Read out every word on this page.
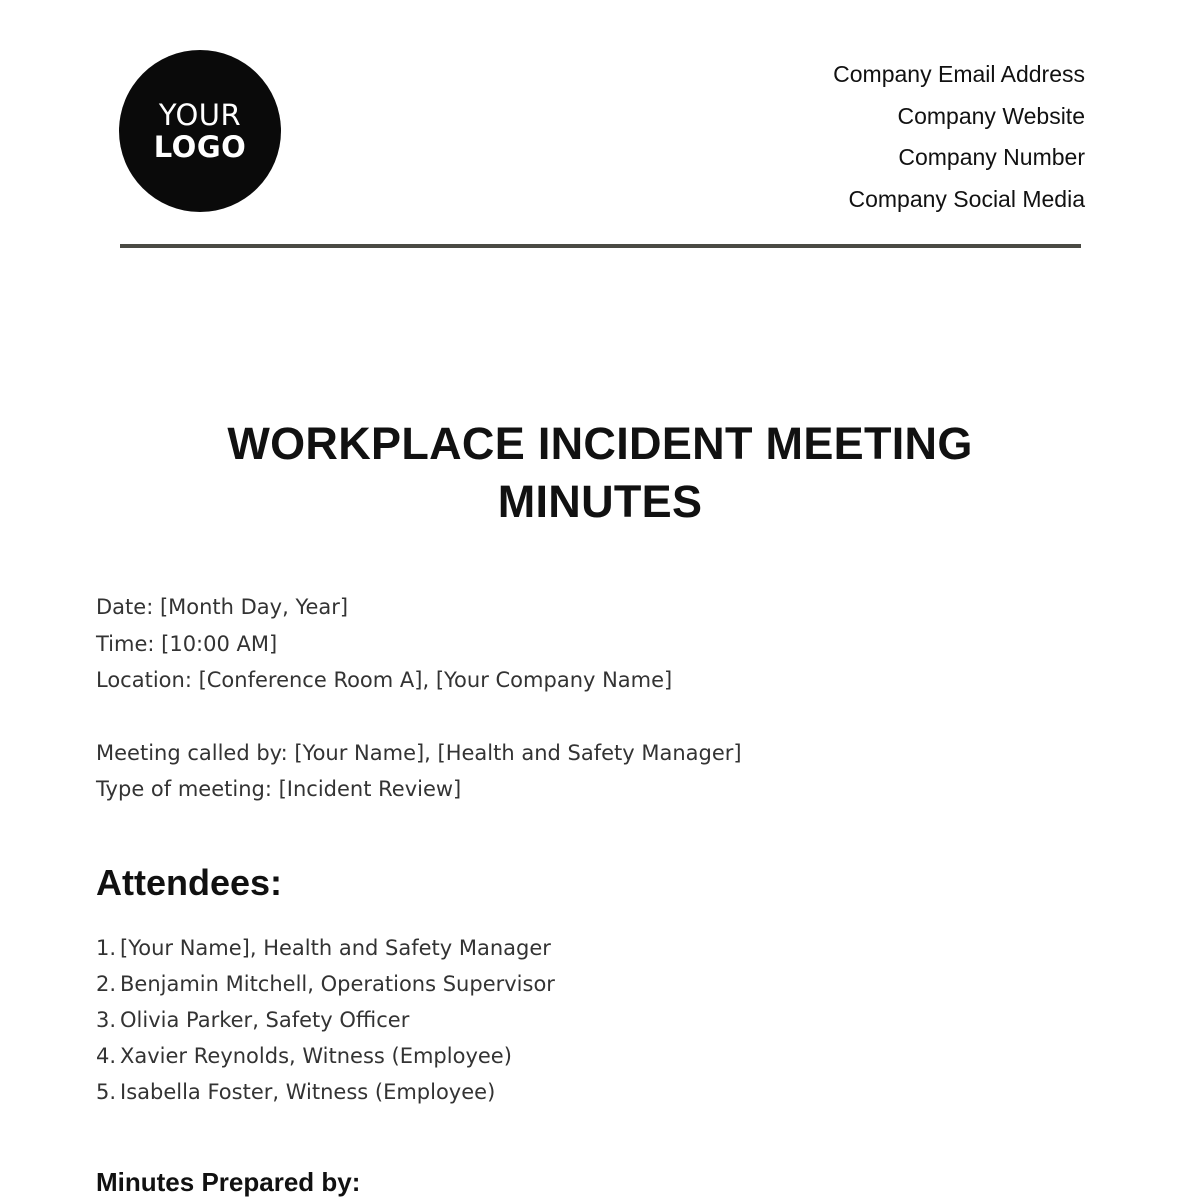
YOUR
LOGO
Company Email Address
Company Website
Company Number
Company Social Media
WORKPLACE INCIDENT MEETING
MINUTES
Date: [Month Day, Year]
Time: [10:00 AM]
Location: [Conference Room A], [Your Company Name]
Meeting called by: [Your Name], [Health and Safety Manager]
Type of meeting: [Incident Review]
Attendees:
1. [Your Name], Health and Safety Manager
2. Benjamin Mitchell, Operations Supervisor
3. Olivia Parker, Safety Officer
4. Xavier Reynolds, Witness (Employee)
5. Isabella Foster, Witness (Employee)
Minutes Prepared by:
